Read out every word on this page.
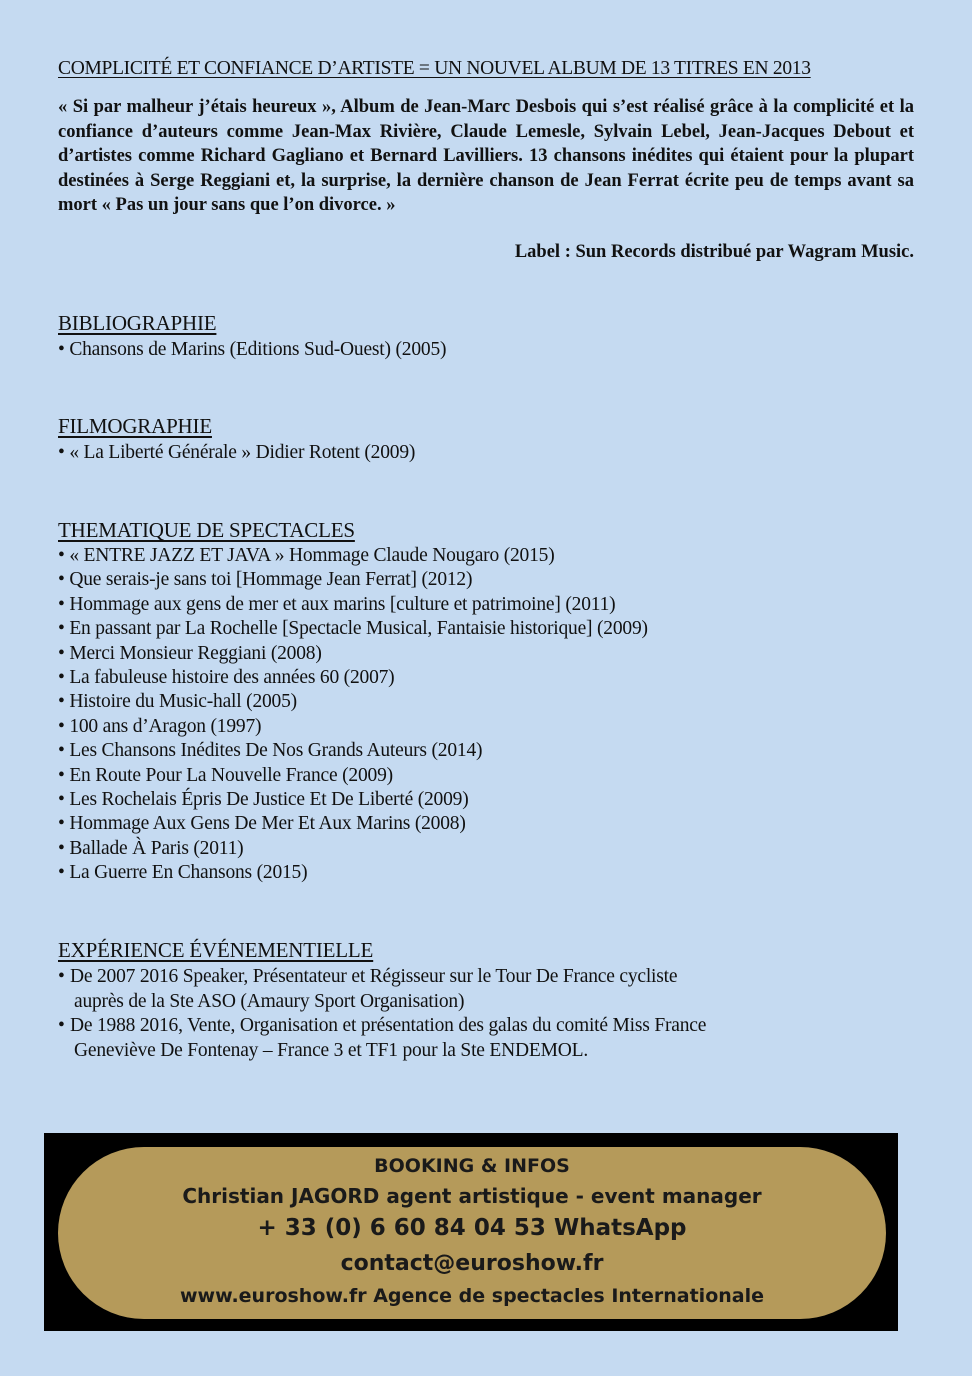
COMPLICITÉ ET CONFIANCE D’ARTISTE = UN NOUVEL ALBUM DE 13 TITRES EN 2013

« Si par malheur j’étais heureux », Album de Jean-Marc Desbois qui s’est réalisé grâce à la complicité et la confiance d’auteurs comme Jean-Max Rivière, Claude Lemesle, Sylvain Lebel, Jean-Jacques Debout et d’artistes comme Richard Gagliano et Bernard Lavilliers. 13 chansons inédites qui étaient pour la plupart destinées à Serge Reggiani et, la surprise, la dernière chanson de Jean Ferrat écrite peu de temps avant sa mort « Pas un jour sans que l’on divorce. »

Label : Sun Records distribué par Wagram Music.
BIBLIOGRAPHIE
• Chansons de Marins (Editions Sud-Ouest) (2005)
FILMOGRAPHIE
• « La Liberté Générale » Didier Rotent (2009)
THEMATIQUE DE SPECTACLES
• « ENTRE JAZZ ET JAVA » Hommage Claude Nougaro (2015)
• Que serais-je sans toi [Hommage Jean Ferrat] (2012)
• Hommage aux gens de mer et aux marins [culture et patrimoine] (2011)
• En passant par La Rochelle [Spectacle Musical, Fantaisie historique] (2009)
• Merci Monsieur Reggiani (2008)
• La fabuleuse histoire des années 60 (2007)
• Histoire du Music-hall (2005)
• 100 ans d’Aragon (1997)
• Les Chansons Inédites De Nos Grands Auteurs (2014)
• En Route Pour La Nouvelle France (2009)
• Les Rochelais Épris De Justice Et De Liberté (2009)
• Hommage Aux Gens De Mer Et Aux Marins (2008)
• Ballade À Paris (2011)
• La Guerre En Chansons (2015)
EXPÉRIENCE ÉVÉNEMENTIELLE
• De 2007 2016 Speaker, Présentateur et Régisseur sur le Tour De France cycliste
auprès de la Ste ASO (Amaury Sport Organisation)
• De 1988 2016, Vente, Organisation et présentation des galas du comité Miss France
Geneviève De Fontenay – France 3 et TF1 pour la Ste ENDEMOL.
BOOKING & INFOS
Christian JAGORD agent artistique - event manager
+ 33 (0) 6 60 84 04 53 WhatsApp
contact@euroshow.fr
www.euroshow.fr Agence de spectacles Internationale
